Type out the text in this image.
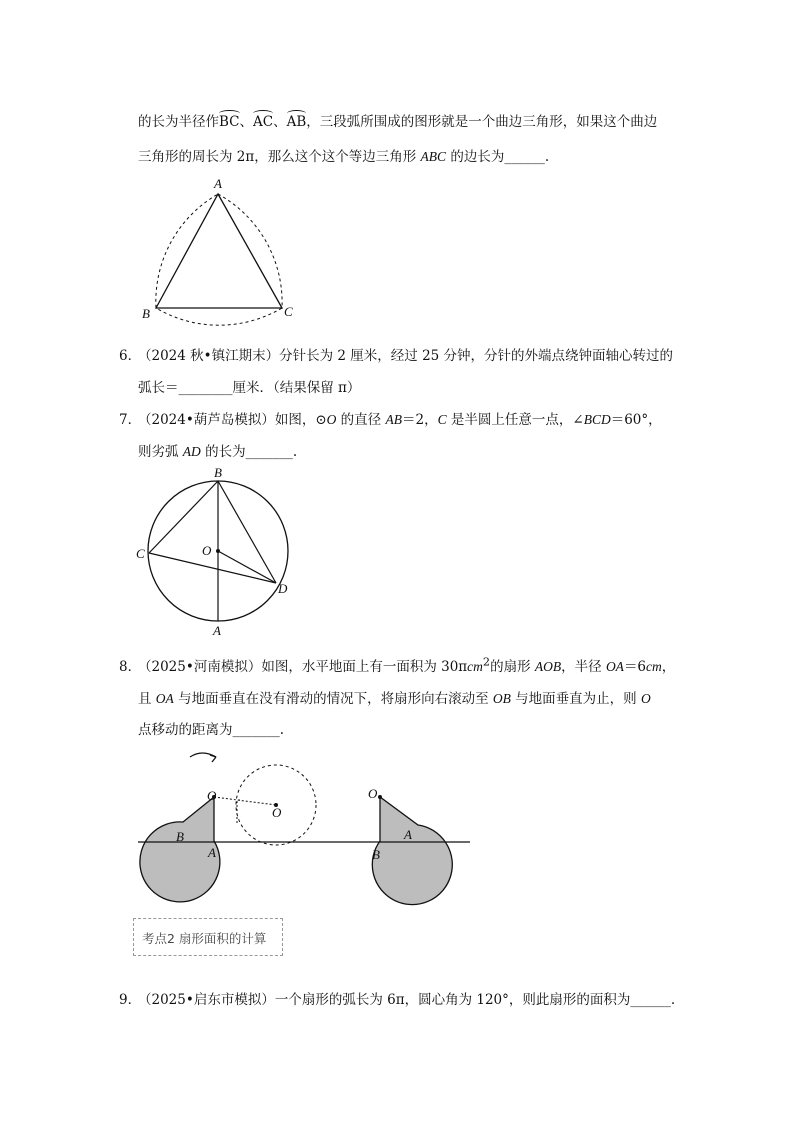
的长为半径作BC、AC、AB，三段弧所围成的图形就是一个曲边三角形，如果这个曲边
三角形的周长为 2π，那么这个这个等边三角形 ABC 的边长为______.
A
B	C
6．
（2024 秋•镇江期末）分针长为 2 厘米，经过 25 分钟，分针的外端点绕钟面轴心转过的
弧长＝________厘米．（结果保留 π）
7．
（2024•葫芦岛模拟）如图，⊙O 的直径 AB＝2，C 是半圆上任意一点，∠BCD＝60°，
则劣弧 AD 的长为_______.
B
C	O
D
A
8．
（2025•河南模拟）如图，水平地面上有一面积为 30πcm$^2$的扇形 AOB，半径 OA＝6cm，
且 OA 与地面垂直在没有滑动的情况下，将扇形向右滚动至 OB 与地面垂直为止，则 O
点移动的距离为_______.
O
O
O
B
A
A
B
考点2 扇形面积的计算
9．
（2025•启东市模拟）一个扇形的弧长为 6π，圆心角为 120°，则此扇形的面积为______.
